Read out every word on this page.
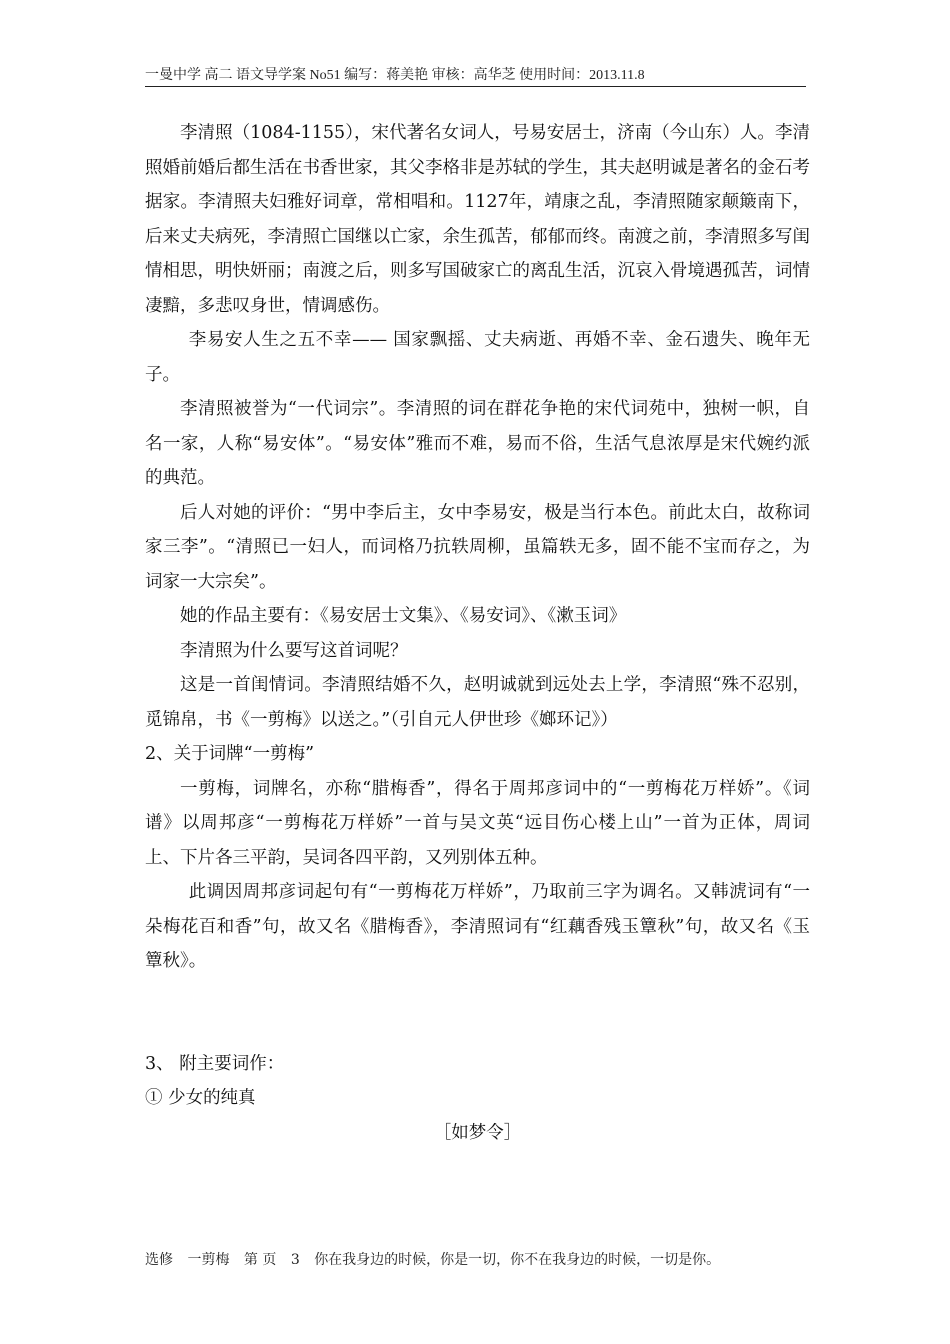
一曼中学 高二 语文导学案 No51 编写：蒋美艳 审核：高华芝 使用时间：2013.11.8

李清照（1084-1155），宋代著名女词人，号易安居士，济南（今山东）人。李清照婚前婚后都生活在书香世家，其父李格非是苏轼的学生，其夫赵明诚是著名的金石考据家。李清照夫妇雅好词章，常相唱和。1127年，靖康之乱，李清照随家颠簸南下，后来丈夫病死，李清照亡国继以亡家，余生孤苦，郁郁而终。南渡之前，李清照多写闺情相思，明快妍丽；南渡之后，则多写国破家亡的离乱生活，沉哀入骨境遇孤苦，词情凄黯，多悲叹身世，情调感伤。

李易安人生之五不幸—— 国家飘摇、丈夫病逝、再婚不幸、金石遗失、晚年无子。

李清照被誉为“一代词宗”。李清照的词在群花争艳的宋代词苑中，独树一帜，自名一家，人称“易安体”。“易安体”雅而不难，易而不俗，生活气息浓厚是宋代婉约派的典范。

后人对她的评价：“男中李后主，女中李易安，极是当行本色。前此太白，故称词家三李”。“清照已一妇人，而词格乃抗轶周柳，虽篇轶无多，固不能不宝而存之，为词家一大宗矣”。

她的作品主要有：《易安居士文集》、《易安词》、《漱玉词》

李清照为什么要写这首词呢？

这是一首闺情词。李清照结婚不久，赵明诚就到远处去上学，李清照“殊不忍别，觅锦帛，书《一剪梅》以送之。”（引自元人伊世珍《嫏环记》）

2、关于词牌“一剪梅”

一剪梅，词牌名，亦称“腊梅香”，得名于周邦彦词中的“一剪梅花万样娇”。《词谱》以周邦彦“一剪梅花万样娇”一首与吴文英“远目伤心楼上山”一首为正体，周词上、下片各三平韵，吴词各四平韵，又列别体五种。

此调因周邦彦词起句有“一剪梅花万样娇”，乃取前三字为调名。又韩淲词有“一朵梅花百和香”句，故又名《腊梅香》，李清照词有“红藕香残玉簟秋”句，故又名《玉簟秋》。

3、 附主要词作：

① 少女的纯真

［如梦令］

选修 一剪梅 第 页 3 你在我身边的时候，你是一切，你不在我身边的时候，一切是你。
